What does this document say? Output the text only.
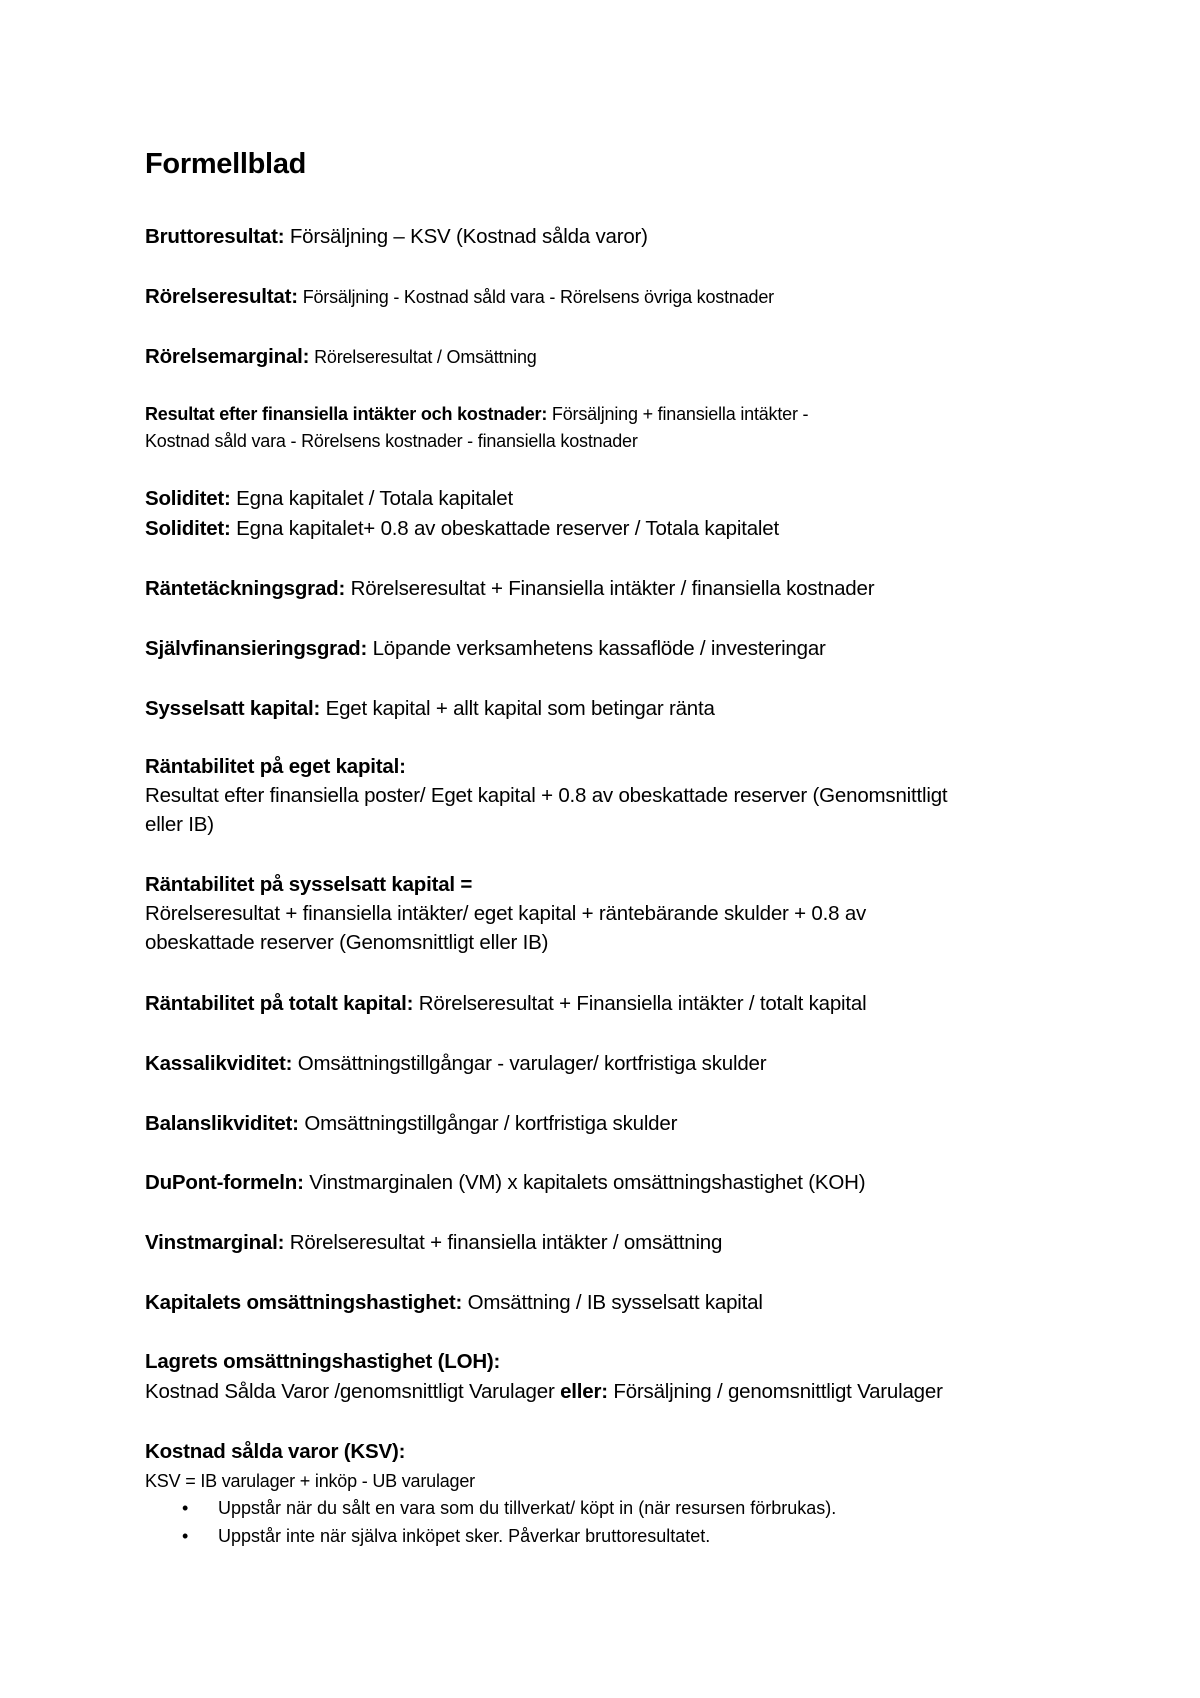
Formellblad
Bruttoresultat: Försäljning – KSV (Kostnad sålda varor)
Rörelseresultat: Försäljning - Kostnad såld vara - Rörelsens övriga kostnader
Rörelsemarginal: Rörelseresultat / Omsättning
Resultat efter finansiella intäkter och kostnader: Försäljning + finansiella intäkter -
Kostnad såld vara - Rörelsens kostnader - finansiella kostnader
Soliditet: Egna kapitalet / Totala kapitalet
Soliditet: Egna kapitalet+ 0.8 av obeskattade reserver / Totala kapitalet
Räntetäckningsgrad: Rörelseresultat + Finansiella intäkter / finansiella kostnader
Självfinansieringsgrad: Löpande verksamhetens kassaflöde / investeringar
Sysselsatt kapital: Eget kapital + allt kapital som betingar ränta
Räntabilitet på eget kapital:
Resultat efter finansiella poster/ Eget kapital + 0.8 av obeskattade reserver (Genomsnittligt
eller IB)
Räntabilitet på sysselsatt kapital =
Rörelseresultat + finansiella intäkter/ eget kapital + räntebärande skulder + 0.8 av
obeskattade reserver (Genomsnittligt eller IB)
Räntabilitet på totalt kapital: Rörelseresultat + Finansiella intäkter / totalt kapital
Kassalikviditet: Omsättningstillgångar - varulager/ kortfristiga skulder
Balanslikviditet: Omsättningstillgångar / kortfristiga skulder
DuPont-formeln: Vinstmarginalen (VM) x kapitalets omsättningshastighet (KOH)
Vinstmarginal: Rörelseresultat + finansiella intäkter / omsättning
Kapitalets omsättningshastighet: Omsättning / IB sysselsatt kapital
Lagrets omsättningshastighet (LOH):
Kostnad Sålda Varor /genomsnittligt Varulager eller: Försäljning / genomsnittligt Varulager
Kostnad sålda varor (KSV):
KSV = IB varulager + inköp - UB varulager
• Uppstår när du sålt en vara som du tillverkat/ köpt in (när resursen förbrukas).
• Uppstår inte när själva inköpet sker. Påverkar bruttoresultatet.
